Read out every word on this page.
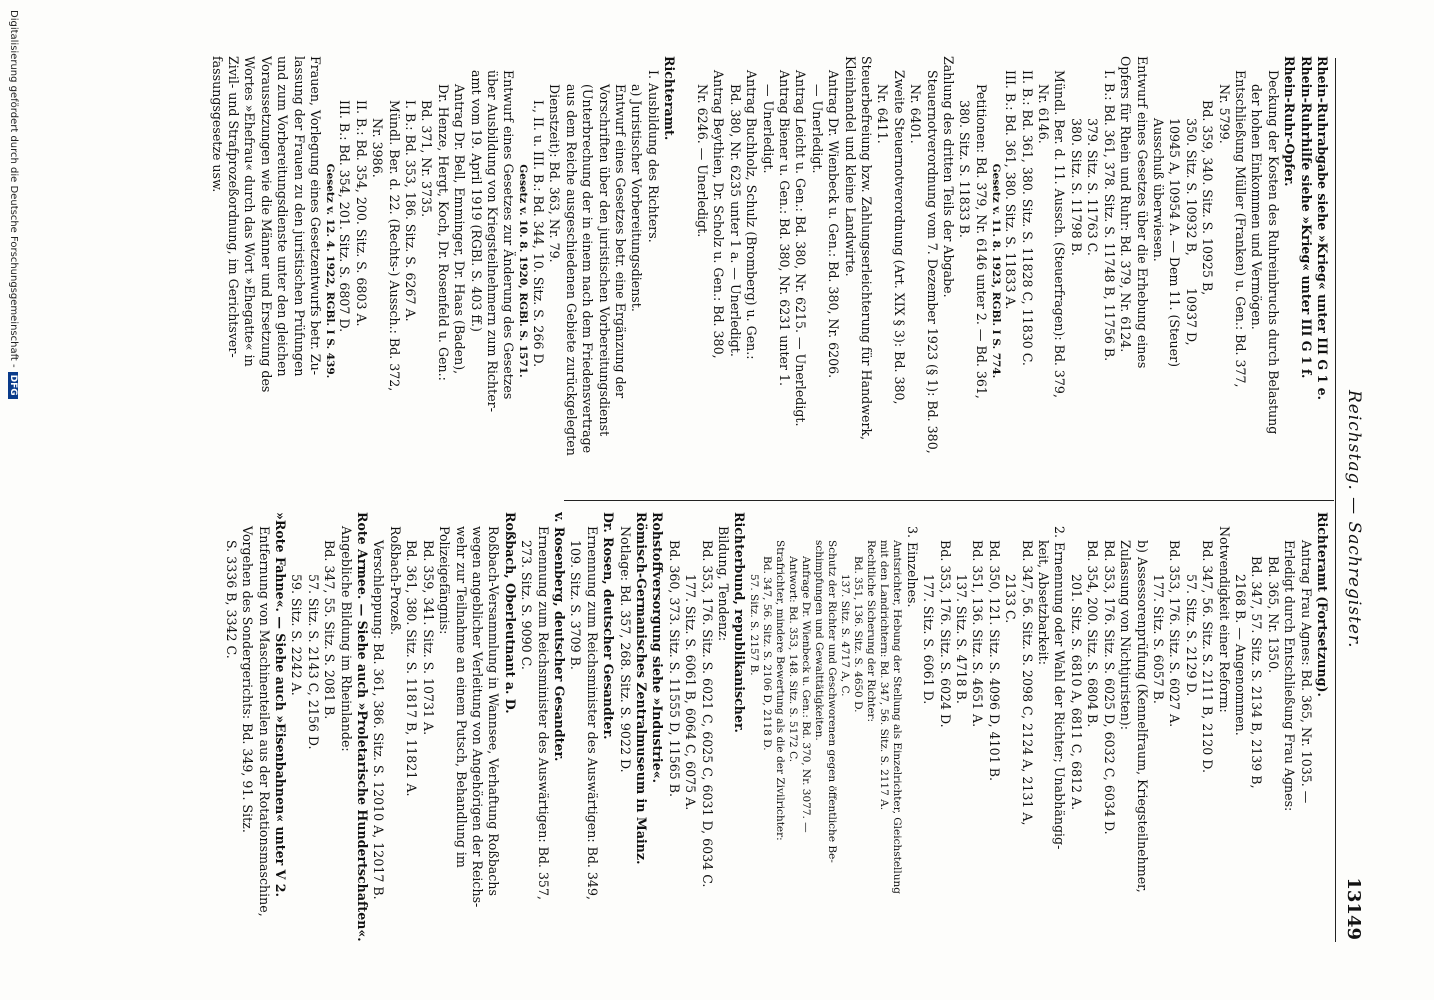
Reichstag. — Sachregister.
13149
Rhein-Ruhrabgabe siehe »Krieg« unter III G 1 e.
Rhein-Ruhrhilfe siehe »Krieg« unter III G 1 f.
Rhein-Ruhr-Opfer.
Deckung der Kosten des Ruhreinbruchs durch Belastung
der hohen Einkommen und Vermögen.
Entschließung Müller (Franken) u. Gen.: Bd. 377,
Nr. 5799.
Bd. 359, 340. Sitz. S. 10925 B,
350. Sitz. S. 10932 B,        10937 D,
10945 A, 10954 A. — Dem 11. (Steuer)
Ausschuß überwiesen.
Entwurf eines Gesetzes über die Erhebung eines
Opfers für Rhein und Ruhr: Bd. 379, Nr. 6124.
I. B.: Bd. 361, 378. Sitz. S. 11748 B, 11756 B.
379. Sitz. S. 11763 C.
380. Sitz. S. 11798 B.
Mündl. Ber. d. 11. Aussch. (Steuerfragen): Bd. 379,
Nr. 6146.
II. B.: Bd. 361, 380. Sitz. S. 11828 C, 11830 C.
III. B.: Bd. 361, 380. Sitz. S. 11833 A.
Gesetz v. 11. 8. 1923, RGBl. I S. 774.
Petitionen: Bd. 379, Nr. 6146 unter 2. — Bd. 361,
380. Sitz. S. 11833 B.
Zahlung des dritten Teils der Abgabe.
Steuernotverordnung vom 7. Dezember 1923 (§ 1): Bd. 380,
Nr. 6401.
Zweite Steuernotverordnung (Art. XIX § 3): Bd. 380,
Nr. 6411.
Steuerbefreiung bzw. Zahlungserleichterung für Handwerk,
Kleinhandel und kleine Landwirte.
Antrag Dr. Wienbeck u. Gen.: Bd. 380, Nr. 6206.
— Unerledigt.
Antrag Leicht u. Gen.: Bd. 380, Nr. 6215. — Unerledigt.
Antrag Biener u. Gen.: Bd. 380, Nr. 6231 unter 1.
— Unerledigt.
Antrag Buchholz, Schulz (Bromberg) u. Gen.:
Bd. 380, Nr. 6235 unter 1 a. — Unerledigt.
Antrag Beythien, Dr. Scholz u. Gen.: Bd. 380,
Nr. 6246. — Unerledigt.

Richteramt.
I. Ausbildung des Richters.
a) Juristischer Vorbereitungsdienst.
Entwurf eines Gesetzes betr. eine Ergänzung der
Vorschriften über den juristischen Vorbereitungsdienst
(Unterbrechung der in einem nach dem Friedensvertrage
aus dem Reiche ausgeschiedenen Gebiete zurückgelegten
Dienstzeit): Bd. 363, Nr. 79.
I., II. u. III. B.: Bd. 344, 10. Sitz. S. 266 D.
Gesetz v. 10. 8. 1920, RGBl. S. 1571.
Entwurf eines Gesetzes zur Änderung des Gesetzes
über Ausbildung von Kriegsteilnehmern zum Richter-
amt vom 19. April 1919 (RGBl. S. 403 ff.)
Antrag Dr. Bell, Emminger, Dr. Haas (Baden),
Dr. Henze, Hergt, Koch, Dr. Rosenfeld u. Gen.:
Bd. 371, Nr. 3735.
I. B.: Bd. 353, 186. Sitz. S. 6267 A.
Mündl. Ber. d. 22. (Rechts-) Aussch.: Bd. 372,
Nr. 3986.
II. B.: Bd. 354, 200. Sitz. S. 6803 A.
III. B.: Bd. 354, 201. Sitz. S. 6807 D.
Gesetz v. 12. 4. 1922, RGBl. I S. 439.
Frauen, Vorlegung eines Gesetzentwurfs betr. Zu-
lassung der Frauen zu den juristischen Prüfungen
und zum Vorbereitungsdienste unter den gleichen
Voraussetzungen wie die Männer und Ersetzung des
Wortes »Ehefrau« durch das Wort »Ehegatte« in
Zivil- und Strafprozeßordnung, im Gerichtsver-
fassungsgesetze usw.
Richteramt (Fortsetzung).
Antrag Frau Agnes: Bd. 365, Nr. 1035. —
Erledigt durch Entschließung Frau Agnes:
Bd. 365, Nr. 1350.
Bd. 347, 57. Sitz. S. 2134 B, 2139 B,
2168 B. — Angenommen.
Notwendigkeit einer Reform:
Bd. 347, 56. Sitz. S. 2111 B, 2120 D.
57. Sitz. S. 2129 D.
Bd. 353, 176. Sitz. S. 6027 A.
177. Sitz. S. 6057 B.
b) Assessorenprüfung (Kennelfraum, Kriegsteilnehmer,
Zulassung von Nichtjuristen):
Bd. 353, 176. Sitz. S. 6025 D, 6032 C, 6034 D.
Bd. 354, 200. Sitz. S. 6804 B.
201. Sitz. S. 6810 A, 6811 C, 6812 A.
2. Ernennung oder Wahl der Richter; Unabhängig-
keit, Absetzbarkeit:
Bd. 347, 56. Sitz. S. 2098 C, 2124 A, 2131 A,
2133 C.
Bd. 350, 121. Sitz. S. 4096 D, 4101 B.
Bd. 351, 136. Sitz. S. 4651 A.
137. Sitz. S. 4718 B.
Bd. 353, 176. Sitz. S. 6024 D.
177. Sitz. S. 6061 D.
3. Einzelnes.
Amtsrichter, Hebung der Stellung als Einzelrichter, Gleichstellung
mit den Landrichtern: Bd. 347, 56. Sitz. S. 2117 A.
Rechtliche Sicherung der Richter:
Bd. 351, 136. Sitz. S. 4650 D.
137. Sitz. S. 4717 A, C.
Schutz der Richter und Geschworenen gegen öffentliche Be-
schimpfungen und Gewalttätigkeiten.
Anfrage Dr. Wienbeck u. Gen.: Bd. 370, Nr. 3077. —
Antwort: Bd. 353, 148. Sitz. S. 5172 C.
Strafrichter, mindere Bewertung als die der Zivilrichter:
Bd. 347, 56. Sitz. S. 2106 D, 2118 D.
57. Sitz. S. 2157 B.
Richterbund, republikanischer.
Bildung, Tendenz:
Bd. 353, 176. Sitz. S. 6021 C, 6025 C, 6031 D, 6034 C.
177. Sitz. S. 6061 B, 6064 C, 6075 A.
Bd. 360, 373. Sitz. S. 11555 D, 11565 B.
Rohstoffversorgung siehe »Industrie«.
Römisch-Germanisches Zentralmuseum in Mainz.
Notlage: Bd. 357, 268. Sitz. S. 9022 D.
Dr. Rosen, deutscher Gesandter.
Ernennung zum Reichsminister des Auswärtigen: Bd. 349,
109. Sitz. S. 3709 B.
v. Rosenberg, deutscher Gesandter.
Ernennung zum Reichsminister des Auswärtigen: Bd. 357,
273. Sitz. S. 9090 C.
Roßbach, Oberleutnant a. D.
Roßbach-Versammlung in Wannsee, Verhaftung Roßbachs
wegen angeblicher Verleitung von Angehörigen der Reichs-
wehr zur Teilnahme an einem Putsch, Behandlung im
Polizeigefängnis:
Bd. 359, 341. Sitz. S. 10731 A.
Bd. 361, 380. Sitz. S. 11817 B, 11821 A.
Roßbach-Prozeß.
Verschleppung: Bd. 361, 386. Sitz. S. 12010 A, 12017 B.
Rote Armee. — Siehe auch »Proletarische Hundertschaften«.
Angebliche Bildung im Rheinlande:
Bd. 347, 55. Sitz. S. 2081 B.
57. Sitz. S. 2143 C, 2156 D.
59. Sitz. S. 2242 A.
»Rote Fahne«. — Siehe auch »Eisenbahnen« unter V 2.
Entfernung von Maschinenteilen aus der Rotationsmaschine,
Vorgehen des Sondergerichts: Bd. 349, 91. Sitz.
S. 3336 B, 3342 C.
Digitalisierung gefördert durch die Deutsche Forschungsgemeinschaft -DFG
